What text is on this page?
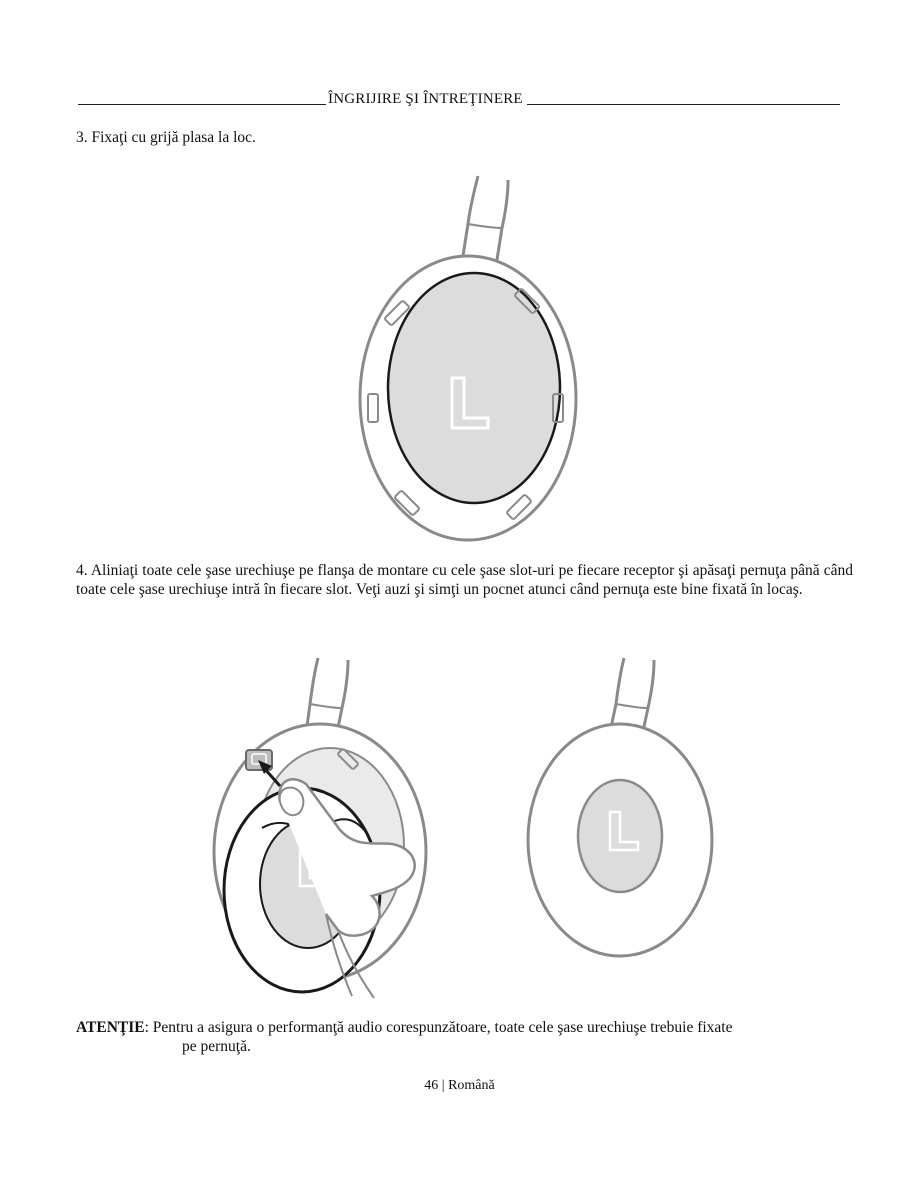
ÎNGRIJIRE ŞI ÎNTREŢINERE
3. Fixaţi cu grijă plasa la loc.
L
4. Aliniaţi toate cele şase urechiuşe pe flanşa de montare cu cele şase slot-uri pe fiecare receptor şi apăsaţi pernuţa până când toate cele şase urechiuşe intră în fiecare slot. Veţi auzi şi simţi un pocnet atunci când pernuţa este bine fixată în locaş.
ATENŢIE: Pentru a asigura o performanţă audio corespunzătoare, toate cele şase urechiuşe trebuie fixate
pe pernuţă.
46 | Română
